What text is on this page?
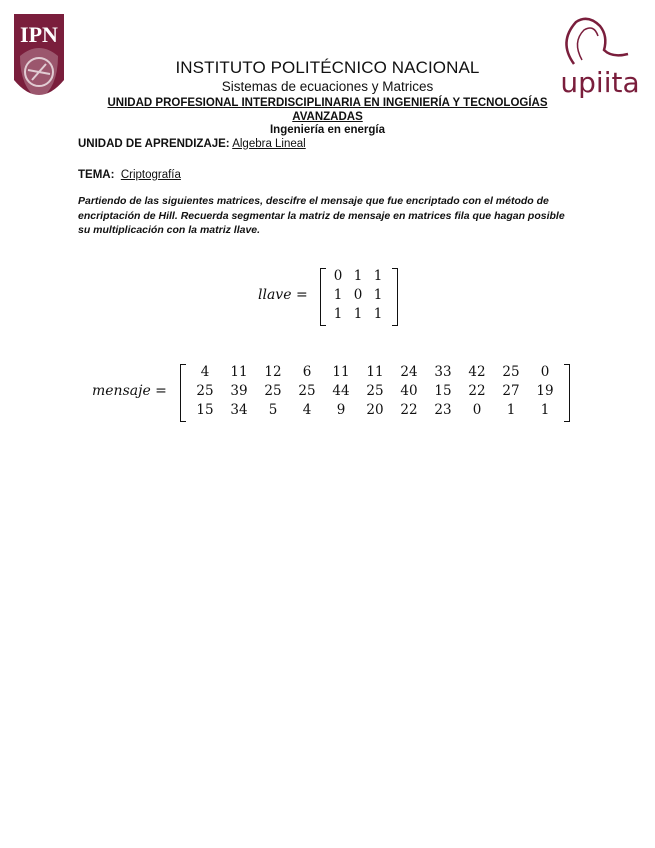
IPN
upiita
INSTITUTO POLITÉCNICO NACIONAL
Sistemas de ecuaciones y Matrices
UNIDAD PROFESIONAL INTERDISCIPLINARIA EN INGENIERÍA Y TECNOLOGÍAS
AVANZADAS
Ingeniería en energía
UNIDAD DE APRENDIZAJE: Algebra Lineal
TEMA: Criptografía
Partiendo de las siguientes matrices, descifre el mensaje que fue encriptado con el método de encriptación de Hill. Recuerda segmentar la matriz de mensaje en matrices fila que hagan posible su multiplicación con la matriz llave.
llave =
0 1 1
1 0 1
1 1 1
mensaje =
4	11	12	6	11	11	24	33	42	25	0
25	39	25	25	44	25	40	15	22	27	19
15	34	5	4	9	20	22	23	0	1	1
